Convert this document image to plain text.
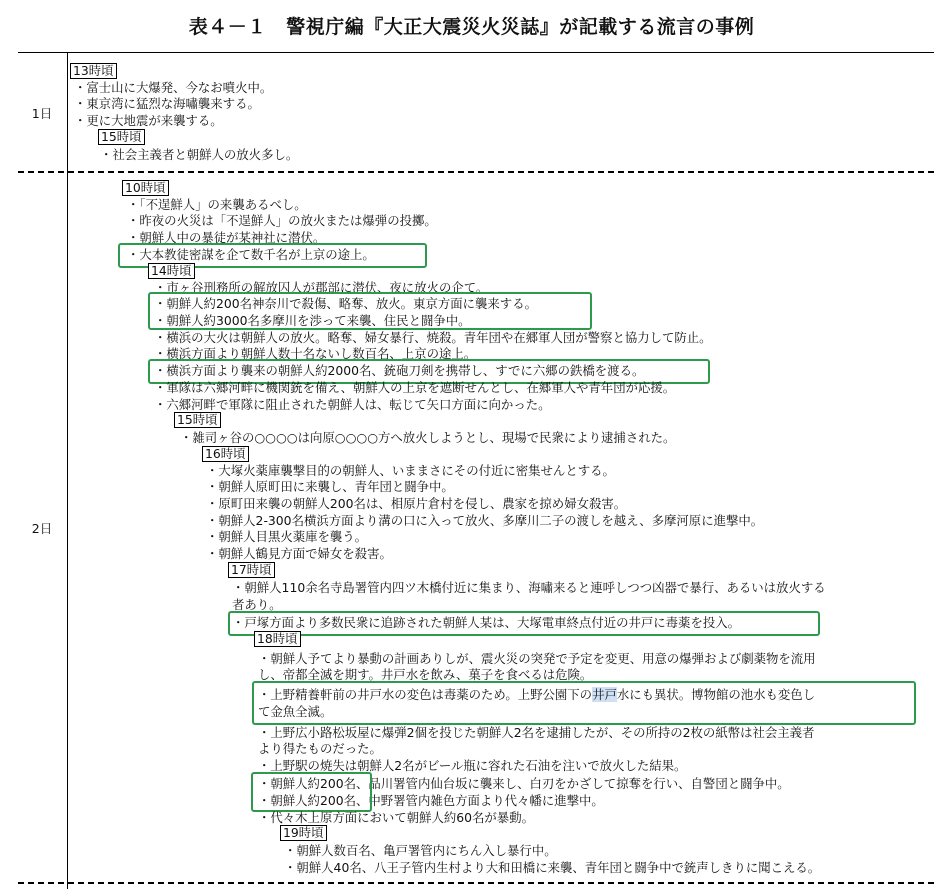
表４－１　警視庁編『大正大震災火災誌』が記載する流言の事例
1日
2日
13時頃
・富士山に大爆発、今なお噴火中。
・東京湾に猛烈な海嘯襲来する。
・更に大地震が来襲する。
15時頃
・社会主義者と朝鮮人の放火多し。
10時頃
・「不逞鮮人」の来襲あるべし。
・昨夜の火災は「不逞鮮人」の放火または爆弾の投擲。
・朝鮮人中の暴徒が某神社に潜伏。
・大本教徒密謀を企て数千名が上京の途上。
14時頃
・市ヶ谷刑務所の解放囚人が郡部に潜伏、夜に放火の企て。
・朝鮮人約200名神奈川で殺傷、略奪、放火。東京方面に襲来する。
・朝鮮人約3000名多摩川を渉って来襲、住民と闘争中。
・横浜の大火は朝鮮人の放火。略奪、婦女暴行、焼殺。青年団や在郷軍人団が警察と協力して防止。
・横浜方面より朝鮮人数十名ないし数百名、上京の途上。
・横浜方面より襲来の朝鮮人約2000名、銃砲刀剣を携帯し、すでに六郷の鉄橋を渡る。
・軍隊は六郷河畔に機関銃を備え、朝鮮人の上京を遮断せんとし、在郷軍人や青年団が応援。
・六郷河畔で軍隊に阻止された朝鮮人は、転じて矢口方面に向かった。
15時頃
・雑司ヶ谷の○○○○は向原○○○○方へ放火しようとし、現場で民衆により逮捕された。
16時頃
・大塚火薬庫襲撃目的の朝鮮人、いままさにその付近に密集せんとする。
・朝鮮人原町田に来襲し、青年団と闘争中。
・原町田来襲の朝鮮人200名は、相原片倉村を侵し、農家を掠め婦女殺害。
・朝鮮人2-300名横浜方面より溝の口に入って放火、多摩川二子の渡しを越え、多摩河原に進撃中。
・朝鮮人目黒火薬庫を襲う。
・朝鮮人鶴見方面で婦女を殺害。
17時頃
・朝鮮人110余名寺島署管内四ツ木橋付近に集まり、海嘯来ると連呼しつつ凶器で暴行、あるいは放火する
者あり。
・戸塚方面より多数民衆に追跡された朝鮮人某は、大塚電車終点付近の井戸に毒薬を投入。
18時頃
・朝鮮人予てより暴動の計画ありしが、震火災の突発で予定を変更、用意の爆弾および劇薬物を流用
し、帝都全滅を期す。井戸水を飲み、菓子を食べるは危険。
・上野精養軒前の井戸水の変色は毒薬のため。上野公園下の井戸水にも異状。博物館の池水も変色し
て金魚全滅。
・上野広小路松坂屋に爆弾2個を投じた朝鮮人2名を逮捕したが、その所持の2枚の紙幣は社会主義者
より得たものだった。
・上野駅の焼失は朝鮮人2名がビール瓶に容れた石油を注いで放火した結果。
・朝鮮人約200名、品川署管内仙台坂に襲来し、白刃をかざして掠奪を行い、自警団と闘争中。
・朝鮮人約200名、中野署管内雑色方面より代々幡に進撃中。
・代々木上原方面において朝鮮人約60名が暴動。
19時頃
・朝鮮人数百名、亀戸署管内にちん入し暴行中。
・朝鮮人40名、八王子管内生村より大和田橋に来襲、青年団と闘争中で銃声しきりに聞こえる。
